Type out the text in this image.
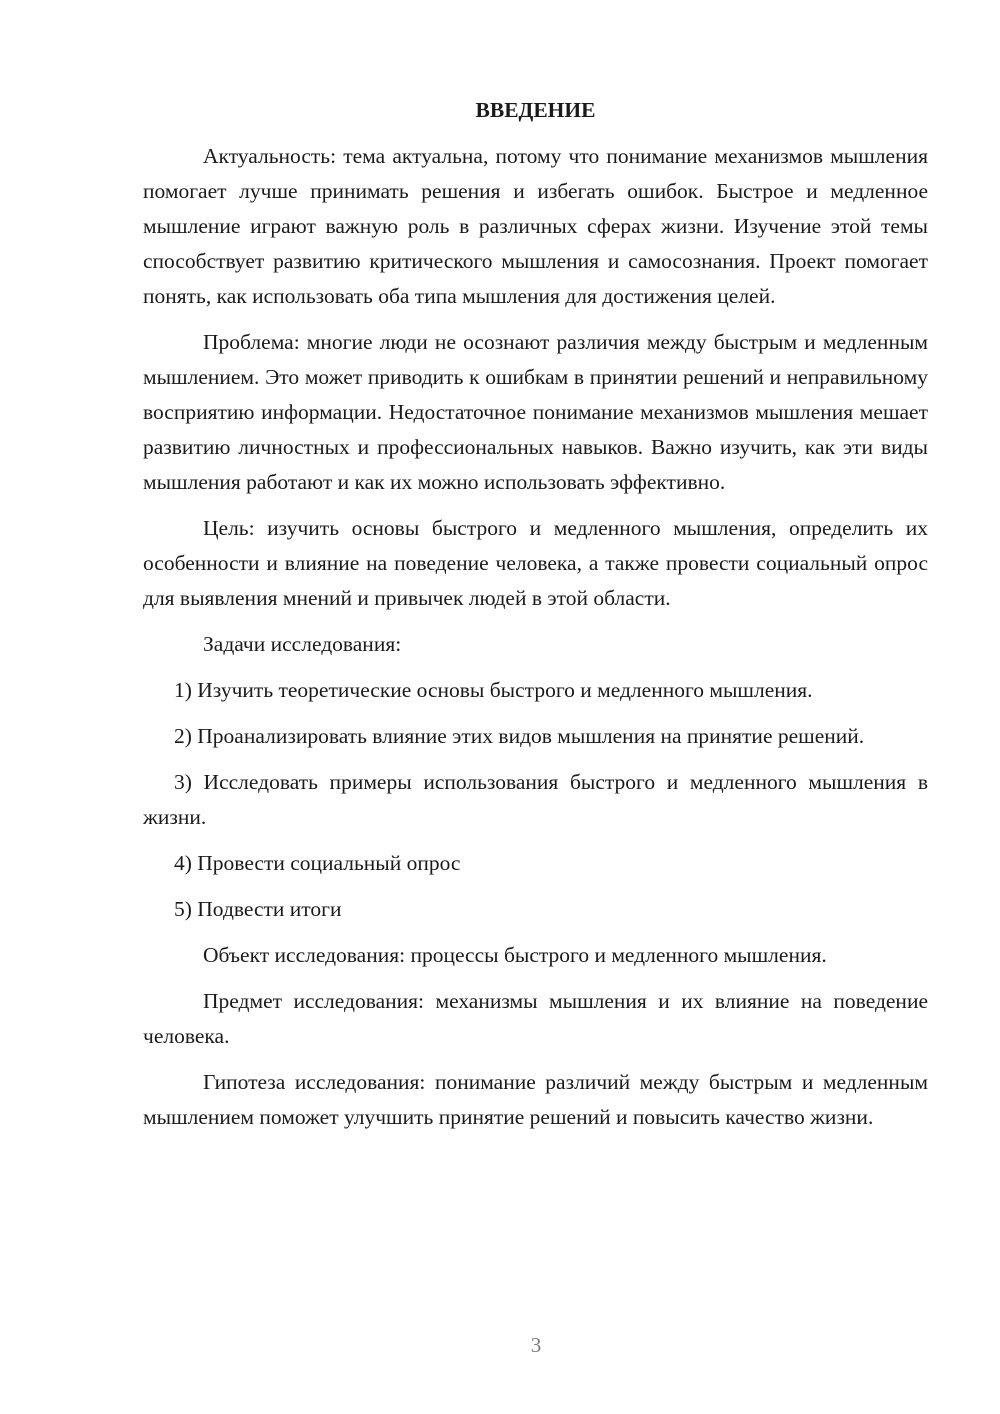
ВВЕДЕНИЕ

Актуальность: тема актуальна, потому что понимание механизмов мышления помогает лучше принимать решения и избегать ошибок. Быстрое и медленное мышление играют важную роль в различных сферах жизни. Изучение этой темы способствует развитию критического мышления и самосознания. Проект помогает понять, как использовать оба типа мышления для достижения целей.

Проблема: многие люди не осознают различия между быстрым и медленным мышлением. Это может приводить к ошибкам в принятии решений и неправильному восприятию информации. Недостаточное понимание механизмов мышления мешает развитию личностных и профессиональных навыков. Важно изучить, как эти виды мышления работают и как их можно использовать эффективно.

Цель: изучить основы быстрого и медленного мышления, определить их особенности и влияние на поведение человека, а также провести социальный опрос для выявления мнений и привычек людей в этой области.

Задачи исследования:

1) Изучить теоретические основы быстрого и медленного мышления.

2) Проанализировать влияние этих видов мышления на принятие решений.

3) Исследовать примеры использования быстрого и медленного мышления в жизни.

4) Провести социальный опрос

5) Подвести итоги

Объект исследования: процессы быстрого и медленного мышления.

Предмет исследования: механизмы мышления и их влияние на поведение человека.

Гипотеза исследования: понимание различий между быстрым и медленным мышлением поможет улучшить принятие решений и повысить качество жизни.

3
